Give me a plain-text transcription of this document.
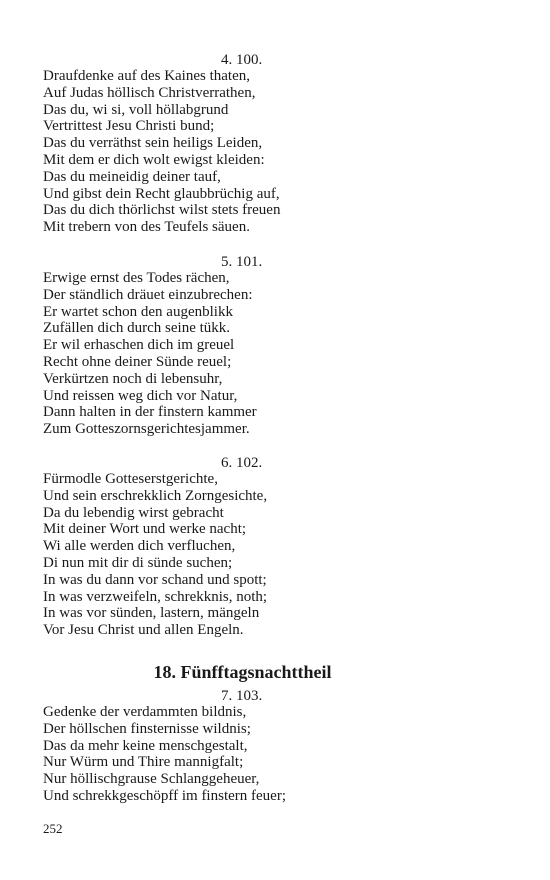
4. 100.
Draufdenke auf des Kaines thaten,
Auf Judas höllisch Christverrathen,
Das du, wi si, voll höllabgrund
Vertrittest Jesu Christi bund;
Das du verräthst sein heiligs Leiden,
Mit dem er dich wolt ewigst kleiden:
Das du meineidig deiner tauf,
Und gibst dein Recht glaubbrüchig auf,
Das du dich thörlichst wilst stets freuen
Mit trebern von des Teufels säuen.
5. 101.
Erwige ernst des Todes rächen,
Der ständlich dräuet einzubrechen:
Er wartet schon den augenblikk
Zufällen dich durch seine tükk.
Er wil erhaschen dich im greuel
Recht ohne deiner Sünde reuel;
Verkürtzen noch di lebensuhr,
Und reissen weg dich vor Natur,
Dann halten in der finstern kammer
Zum Gotteszornsgerichtesjammer.
6. 102.
Fürmodle Gotteserstgerichte,
Und sein erschrekklich Zorngesichte,
Da du lebendig wirst gebracht
Mit deiner Wort und werke nacht;
Wi alle werden dich verfluchen,
Di nun mit dir di sünde suchen;
In was du dann vor schand und spott;
In was verzweifeln, schrekknis, noth;
In was vor sünden, lastern, mängeln
Vor Jesu Christ und allen Engeln.
18. Fünfftagsnachttheil
7. 103.
Gedenke der verdammten bildnis,
Der höllschen finsternisse wildnis;
Das da mehr keine menschgestalt,
Nur Würm und Thire mannigfalt;
Nur höllischgrause Schlanggeheuer,
Und schrekkgeschöpff im finstern feuer;
252
